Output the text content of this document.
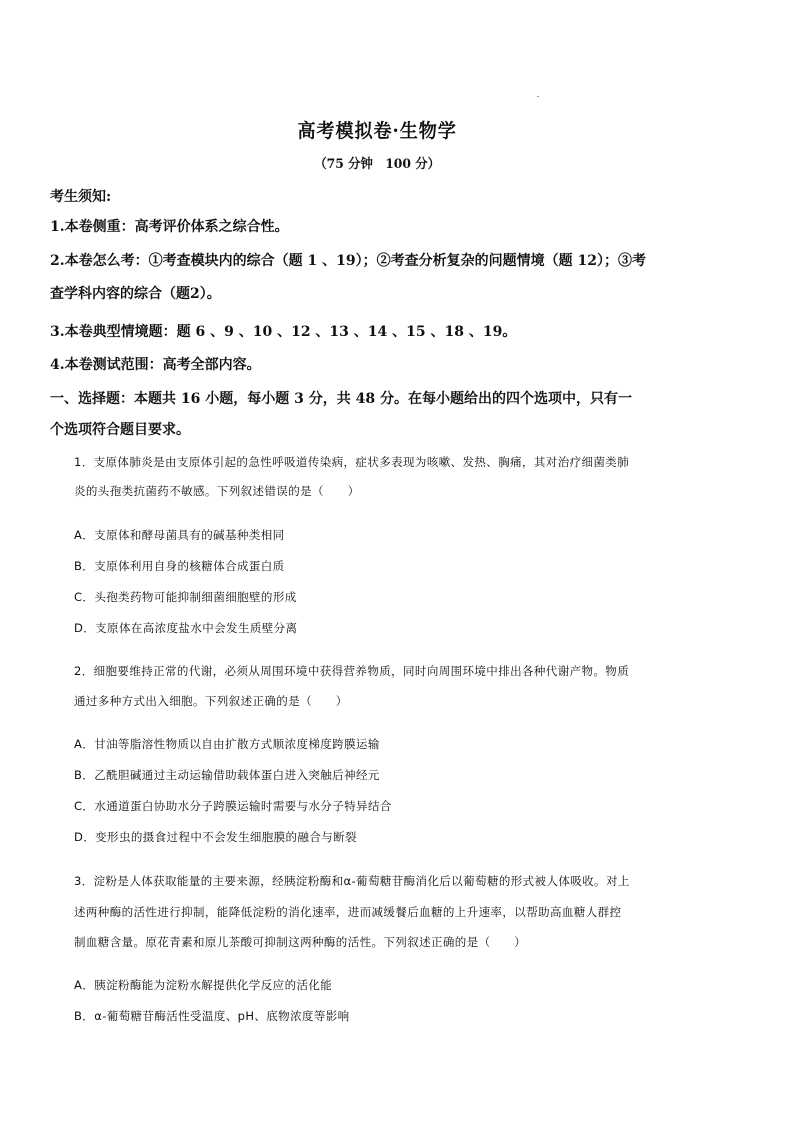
高考模拟卷·生物学
（75 分钟　100 分）
考生须知:
1.本卷侧重：高考评价体系之综合性。
2.本卷怎么考：①考查模块内的综合（题 1 、19）；②考查分析复杂的问题情境（题 12）；③考
查学科内容的综合（题2）。
3.本卷典型情境题：题 6 、9 、10 、12 、13 、14 、15 、18 、19。
4.本卷测试范围：高考全部内容。
一、选择题：本题共 16 小题，每小题 3 分，共 48 分。在每小题给出的四个选项中，只有一
个选项符合题目要求。
1．支原体肺炎是由支原体引起的急性呼吸道传染病，症状多表现为咳嗽、发热、胸痛，其对治疗细菌类肺
炎的头孢类抗菌药不敏感。下列叙述错误的是（　　）
A．支原体和酵母菌具有的碱基种类相同
B．支原体利用自身的核糖体合成蛋白质
C．头孢类药物可能抑制细菌细胞壁的形成
D．支原体在高浓度盐水中会发生质壁分离
2．细胞要维持正常的代谢，必须从周围环境中获得营养物质，同时向周围环境中排出各种代谢产物。物质
通过多种方式出入细胞。下列叙述正确的是（　　）
A．甘油等脂溶性物质以自由扩散方式顺浓度梯度跨膜运输
B．乙酰胆碱通过主动运输借助载体蛋白进入突触后神经元
C．水通道蛋白协助水分子跨膜运输时需要与水分子特异结合
D．变形虫的摄食过程中不会发生细胞膜的融合与断裂
3．淀粉是人体获取能量的主要来源，经胰淀粉酶和α-葡萄糖苷酶消化后以葡萄糖的形式被人体吸收。对上
述两种酶的活性进行抑制，能降低淀粉的消化速率，进而减缓餐后血糖的上升速率，以帮助高血糖人群控
制血糖含量。原花青素和原儿茶酸可抑制这两种酶的活性。下列叙述正确的是（　　）
A．胰淀粉酶能为淀粉水解提供化学反应的活化能
B．α-葡萄糖苷酶活性受温度、pH、底物浓度等影响
